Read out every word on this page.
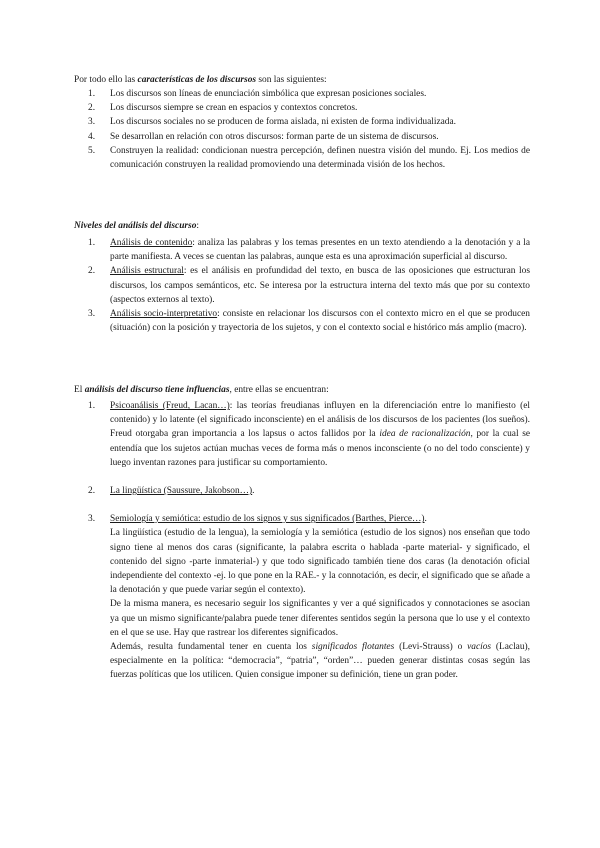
Por todo ello las características de los discursos son las siguientes:

1. Los discursos son líneas de enunciación simbólica que expresan posiciones sociales.
2. Los discursos siempre se crean en espacios y contextos concretos.
3. Los discursos sociales no se producen de forma aislada, ni existen de forma individualizada.
4. Se desarrollan en relación con otros discursos: forman parte de un sistema de discursos.
5. Construyen la realidad: condicionan nuestra percepción, definen nuestra visión del mundo. Ej. Los medios de comunicación construyen la realidad promoviendo una determinada visión de los hechos.

Niveles del análisis del discurso:

1. Análisis de contenido: analiza las palabras y los temas presentes en un texto atendiendo a la denotación y a la parte manifiesta. A veces se cuentan las palabras, aunque esta es una aproximación superficial al discurso.
2. Análisis estructural: es el análisis en profundidad del texto, en busca de las oposiciones que estructuran los discursos, los campos semánticos, etc. Se interesa por la estructura interna del texto más que por su contexto (aspectos externos al texto).
3. Análisis socio-interpretativo: consiste en relacionar los discursos con el contexto micro en el que se producen (situación) con la posición y trayectoria de los sujetos, y con el contexto social e histórico más amplio (macro).

El análisis del discurso tiene influencias, entre ellas se encuentran:

1. Psicoanálisis (Freud, Lacan…): las teorías freudianas influyen en la diferenciación entre lo manifiesto (el contenido) y lo latente (el significado inconsciente) en el análisis de los discursos de los pacientes (los sueños). Freud otorgaba gran importancia a los lapsus o actos fallidos por la idea de racionalización, por la cual se entendía que los sujetos actúan muchas veces de forma más o menos inconsciente (o no del todo consciente) y luego inventan razones para justificar su comportamiento.
2. La lingüística (Saussure, Jakobson…).
3. Semiología y semiótica: estudio de los signos y sus significados (Barthes, Pierce…).
La lingüística (estudio de la lengua), la semiología y la semiótica (estudio de los signos) nos enseñan que todo signo tiene al menos dos caras (significante, la palabra escrita o hablada -parte material- y significado, el contenido del signo -parte inmaterial-) y que todo significado también tiene dos caras (la denotación oficial independiente del contexto -ej. lo que pone en la RAE.- y la connotación, es decir, el significado que se añade a la denotación y que puede variar según el contexto).
De la misma manera, es necesario seguir los significantes y ver a qué significados y connotaciones se asocian ya que un mismo significante/palabra puede tener diferentes sentidos según la persona que lo use y el contexto en el que se use. Hay que rastrear los diferentes significados.
Además, resulta fundamental tener en cuenta los significados flotantes (Levi-Strauss) o vacíos (Laclau), especialmente en la política: “democracia”, “patria”, “orden”… pueden generar distintas cosas según las fuerzas políticas que los utilicen. Quien consigue imponer su definición, tiene un gran poder.
